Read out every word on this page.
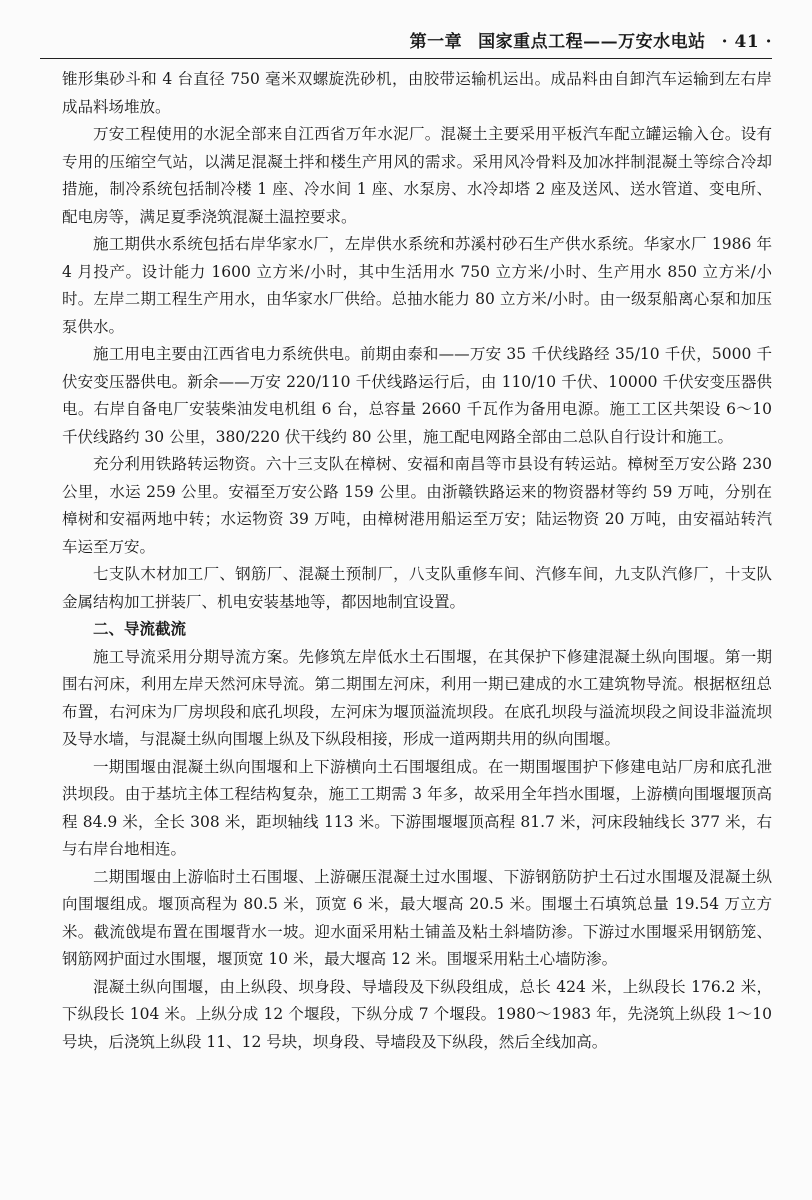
第一章 国家重点工程——万安水电站 · 41 ·

锥形集砂斗和 4 台直径 750 毫米双螺旋洗砂机，由胶带运输机运出。成品料由自卸汽车运输到左右岸成品料场堆放。

万安工程使用的水泥全部来自江西省万年水泥厂。混凝土主要采用平板汽车配立罐运输入仓。设有专用的压缩空气站，以满足混凝土拌和楼生产用风的需求。采用风冷骨料及加冰拌制混凝土等综合冷却措施，制冷系统包括制冷楼 1 座、冷水间 1 座、水泵房、水冷却塔 2 座及送风、送水管道、变电所、配电房等，满足夏季浇筑混凝土温控要求。

施工期供水系统包括右岸华家水厂，左岸供水系统和苏溪村砂石生产供水系统。华家水厂 1986 年 4 月投产。设计能力 1600 立方米/小时，其中生活用水 750 立方米/小时、生产用水 850 立方米/小时。左岸二期工程生产用水，由华家水厂供给。总抽水能力 80 立方米/小时。由一级泵船离心泵和加压泵供水。

施工用电主要由江西省电力系统供电。前期由泰和——万安 35 千伏线路经 35/10 千伏，5000 千伏安变压器供电。新余——万安 220/110 千伏线路运行后，由 110/10 千伏、10000 千伏安变压器供电。右岸自备电厂安装柴油发电机组 6 台，总容量 2660 千瓦作为备用电源。施工工区共架设 6～10 千伏线路约 30 公里，380/220 伏干线约 80 公里，施工配电网路全部由二总队自行设计和施工。

充分利用铁路转运物资。六十三支队在樟树、安福和南昌等市县设有转运站。樟树至万安公路 230 公里，水运 259 公里。安福至万安公路 159 公里。由浙赣铁路运来的物资器材等约 59 万吨，分别在樟树和安福两地中转；水运物资 39 万吨，由樟树港用船运至万安；陆运物资 20 万吨，由安福站转汽车运至万安。

七支队木材加工厂、钢筋厂、混凝土预制厂，八支队重修车间、汽修车间，九支队汽修厂，十支队金属结构加工拼装厂、机电安装基地等，都因地制宜设置。

二、导流截流

施工导流采用分期导流方案。先修筑左岸低水土石围堰，在其保护下修建混凝土纵向围堰。第一期围右河床，利用左岸天然河床导流。第二期围左河床，利用一期已建成的水工建筑物导流。根据枢纽总布置，右河床为厂房坝段和底孔坝段，左河床为堰顶溢流坝段。在底孔坝段与溢流坝段之间设非溢流坝及导水墙，与混凝土纵向围堰上纵及下纵段相接，形成一道两期共用的纵向围堰。

一期围堰由混凝土纵向围堰和上下游横向土石围堰组成。在一期围堰围护下修建电站厂房和底孔泄洪坝段。由于基坑主体工程结构复杂，施工工期需 3 年多，故采用全年挡水围堰，上游横向围堰堰顶高程 84.9 米，全长 308 米，距坝轴线 113 米。下游围堰堰顶高程 81.7 米，河床段轴线长 377 米，右与右岸台地相连。

二期围堰由上游临时土石围堰、上游碾压混凝土过水围堰、下游钢筋防护土石过水围堰及混凝土纵向围堰组成。堰顶高程为 80.5 米，顶宽 6 米，最大堰高 20.5 米。围堰土石填筑总量 19.54 万立方米。截流戗堤布置在围堰背水一坡。迎水面采用粘土铺盖及粘土斜墙防渗。下游过水围堰采用钢筋笼、钢筋网护面过水围堰，堰顶宽 10 米，最大堰高 12 米。围堰采用粘土心墙防渗。

混凝土纵向围堰，由上纵段、坝身段、导墙段及下纵段组成，总长 424 米，上纵段长 176.2 米，下纵段长 104 米。上纵分成 12 个堰段，下纵分成 7 个堰段。1980～1983 年，先浇筑上纵段 1～10 号块，后浇筑上纵段 11、12 号块，坝身段、导墙段及下纵段，然后全线加高。
